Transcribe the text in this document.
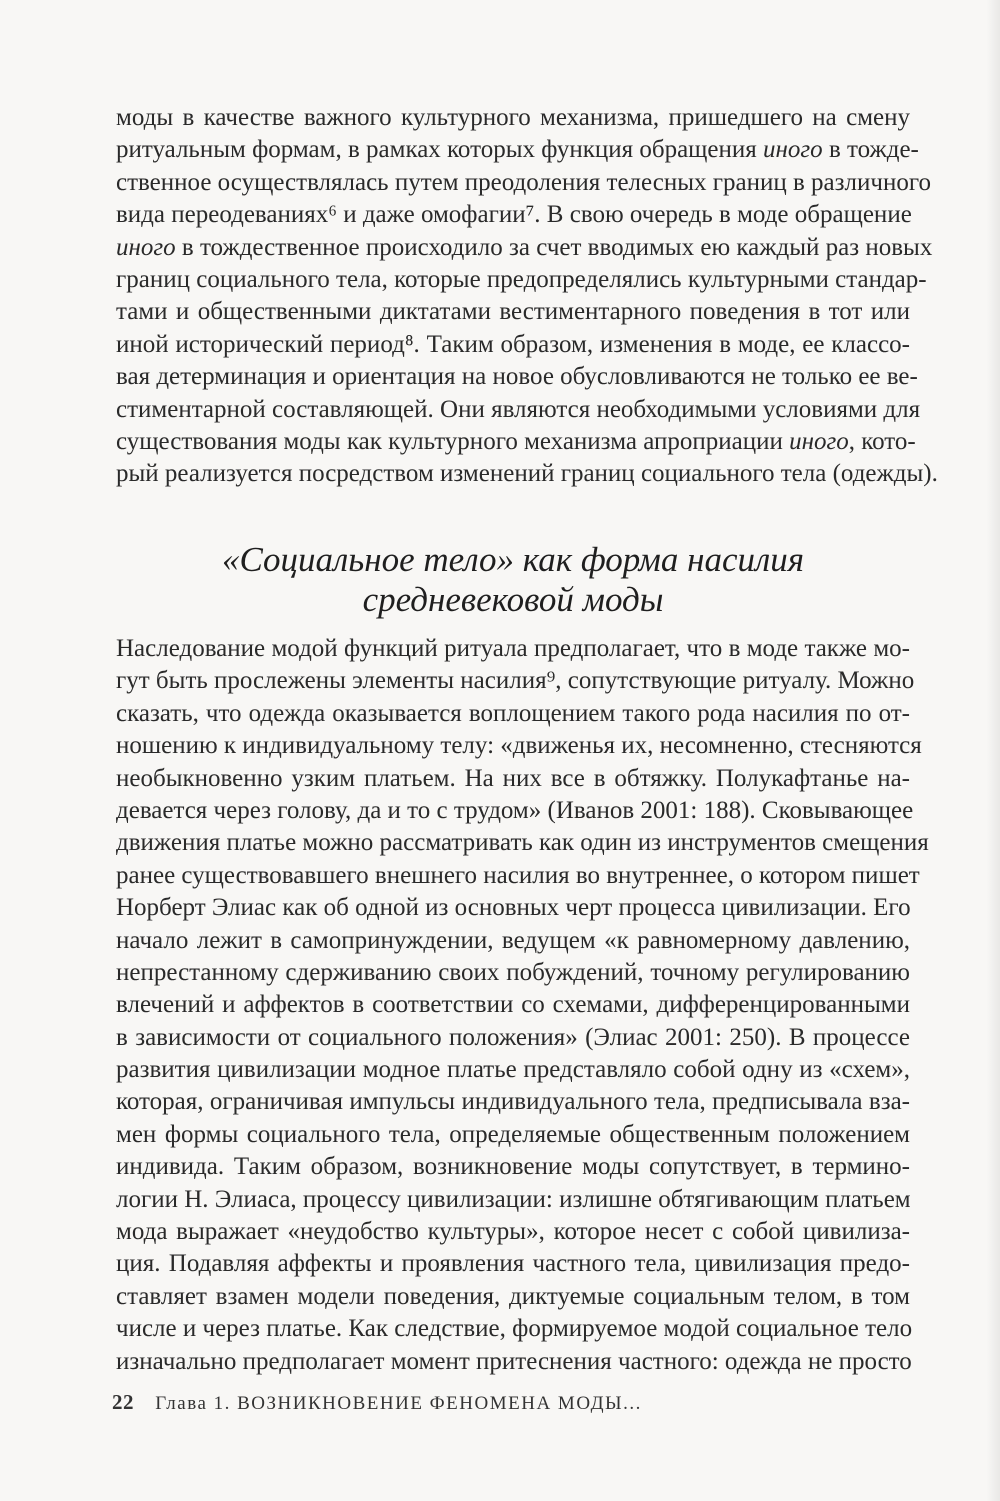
моды в качестве важного культурного механизма, пришедшего на смену
ритуальным формам, в рамках которых функция обращения иного в тожде-
ственное осуществлялась путем преодоления телесных границ в различного
вида переодеваниях⁶ и даже омофагии⁷. В свою очередь в моде обращение
иного в тождественное происходило за счет вводимых ею каждый раз новых
границ социального тела, которые предопределялись культурными стандар-
тами и общественными диктатами вестиментарного поведения в тот или
иной исторический период⁸. Таким образом, изменения в моде, ее классо-
вая детерминация и ориентация на новое обусловливаются не только ее ве-
стиментарной составляющей. Они являются необходимыми условиями для
существования моды как культурного механизма апроприации иного, кото-
рый реализуется посредством изменений границ социального тела (одежды).
«Социальное тело» как форма насилия
средневековой моды
Наследование модой функций ритуала предполагает, что в моде также мо-
гут быть прослежены элементы насилия⁹, сопутствующие ритуалу. Можно
сказать, что одежда оказывается воплощением такого рода насилия по от-
ношению к индивидуальному телу: «движенья их, несомненно, стесняются
необыкновенно узким платьем. На них все в обтяжку. Полукафтанье на-
девается через голову, да и то с трудом» (Иванов 2001: 188). Сковывающее
движения платье можно рассматривать как один из инструментов смещения
ранее существовавшего внешнего насилия во внутреннее, о котором пишет
Норберт Элиас как об одной из основных черт процесса цивилизации. Его
начало лежит в самопринуждении, ведущем «к равномерному давлению,
непрестанному сдерживанию своих побуждений, точному регулированию
влечений и аффектов в соответствии со схемами, дифференцированными
в зависимости от социального положения» (Элиас 2001: 250). В процессе
развития цивилизации модное платье представляло собой одну из «схем»,
которая, ограничивая импульсы индивидуального тела, предписывала вза-
мен формы социального тела, определяемые общественным положением
индивида. Таким образом, возникновение моды сопутствует, в термино-
логии Н. Элиаса, процессу цивилизации: излишне обтягивающим платьем
мода выражает «неудобство культуры», которое несет с собой цивилиза-
ция. Подавляя аффекты и проявления частного тела, цивилизация предо-
ставляет взамен модели поведения, диктуемые социальным телом, в том
числе и через платье. Как следствие, формируемое модой социальное тело
изначально предполагает момент притеснения частного: одежда не просто
22 Глава 1. ВОЗНИКНОВЕНИЕ ФЕНОМЕНА МОДЫ...
